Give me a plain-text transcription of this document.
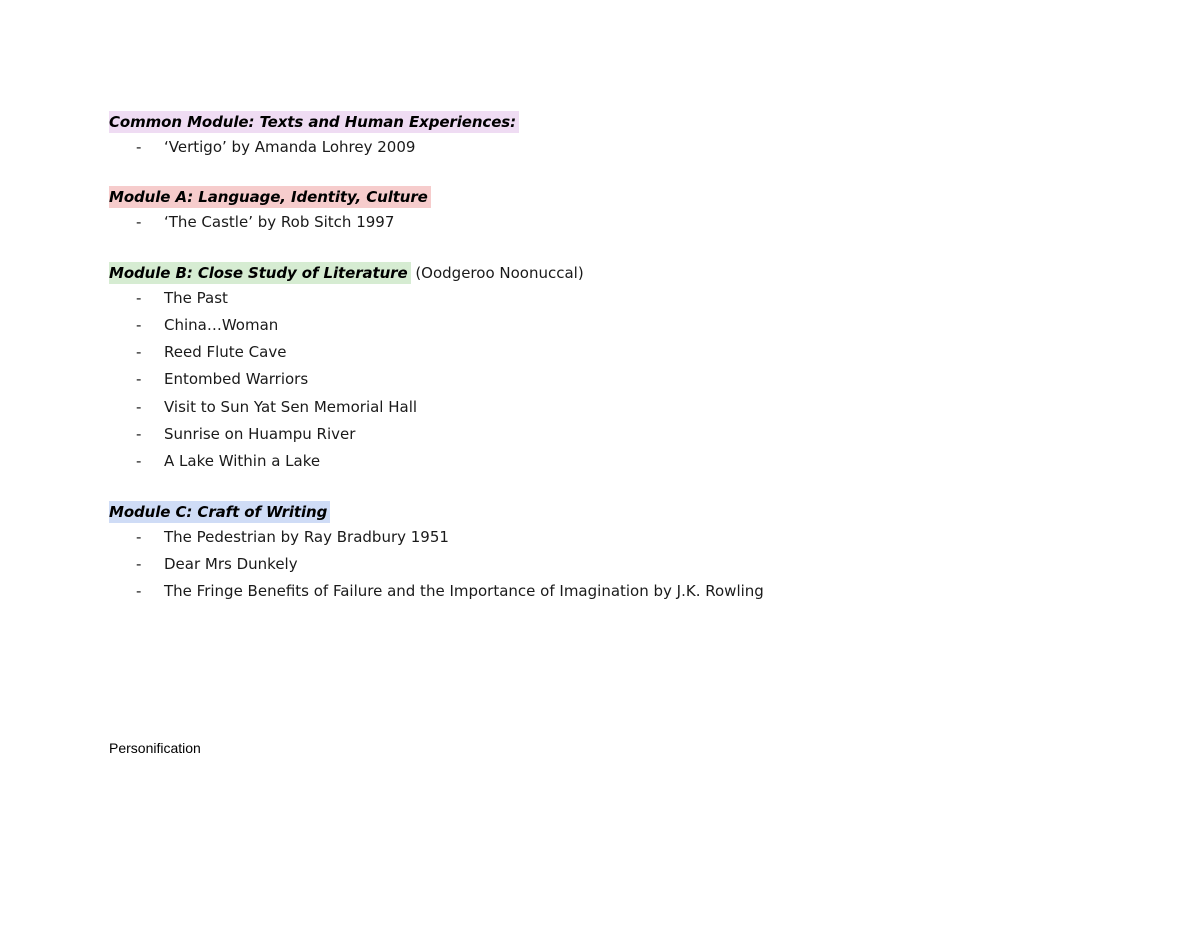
Common Module: Texts and Human Experiences:
- ‘Vertigo’ by Amanda Lohrey 2009
Module A: Language, Identity, Culture
- ‘The Castle’ by Rob Sitch 1997
Module B: Close Study of Literature (Oodgeroo Noonuccal)
- The Past
- China…Woman
- Reed Flute Cave
- Entombed Warriors
- Visit to Sun Yat Sen Memorial Hall
- Sunrise on Huampu River
- A Lake Within a Lake
Module C: Craft of Writing
- The Pedestrian by Ray Bradbury 1951
- Dear Mrs Dunkely
- The Fringe Benefits of Failure and the Importance of Imagination by J.K. Rowling
Personification
